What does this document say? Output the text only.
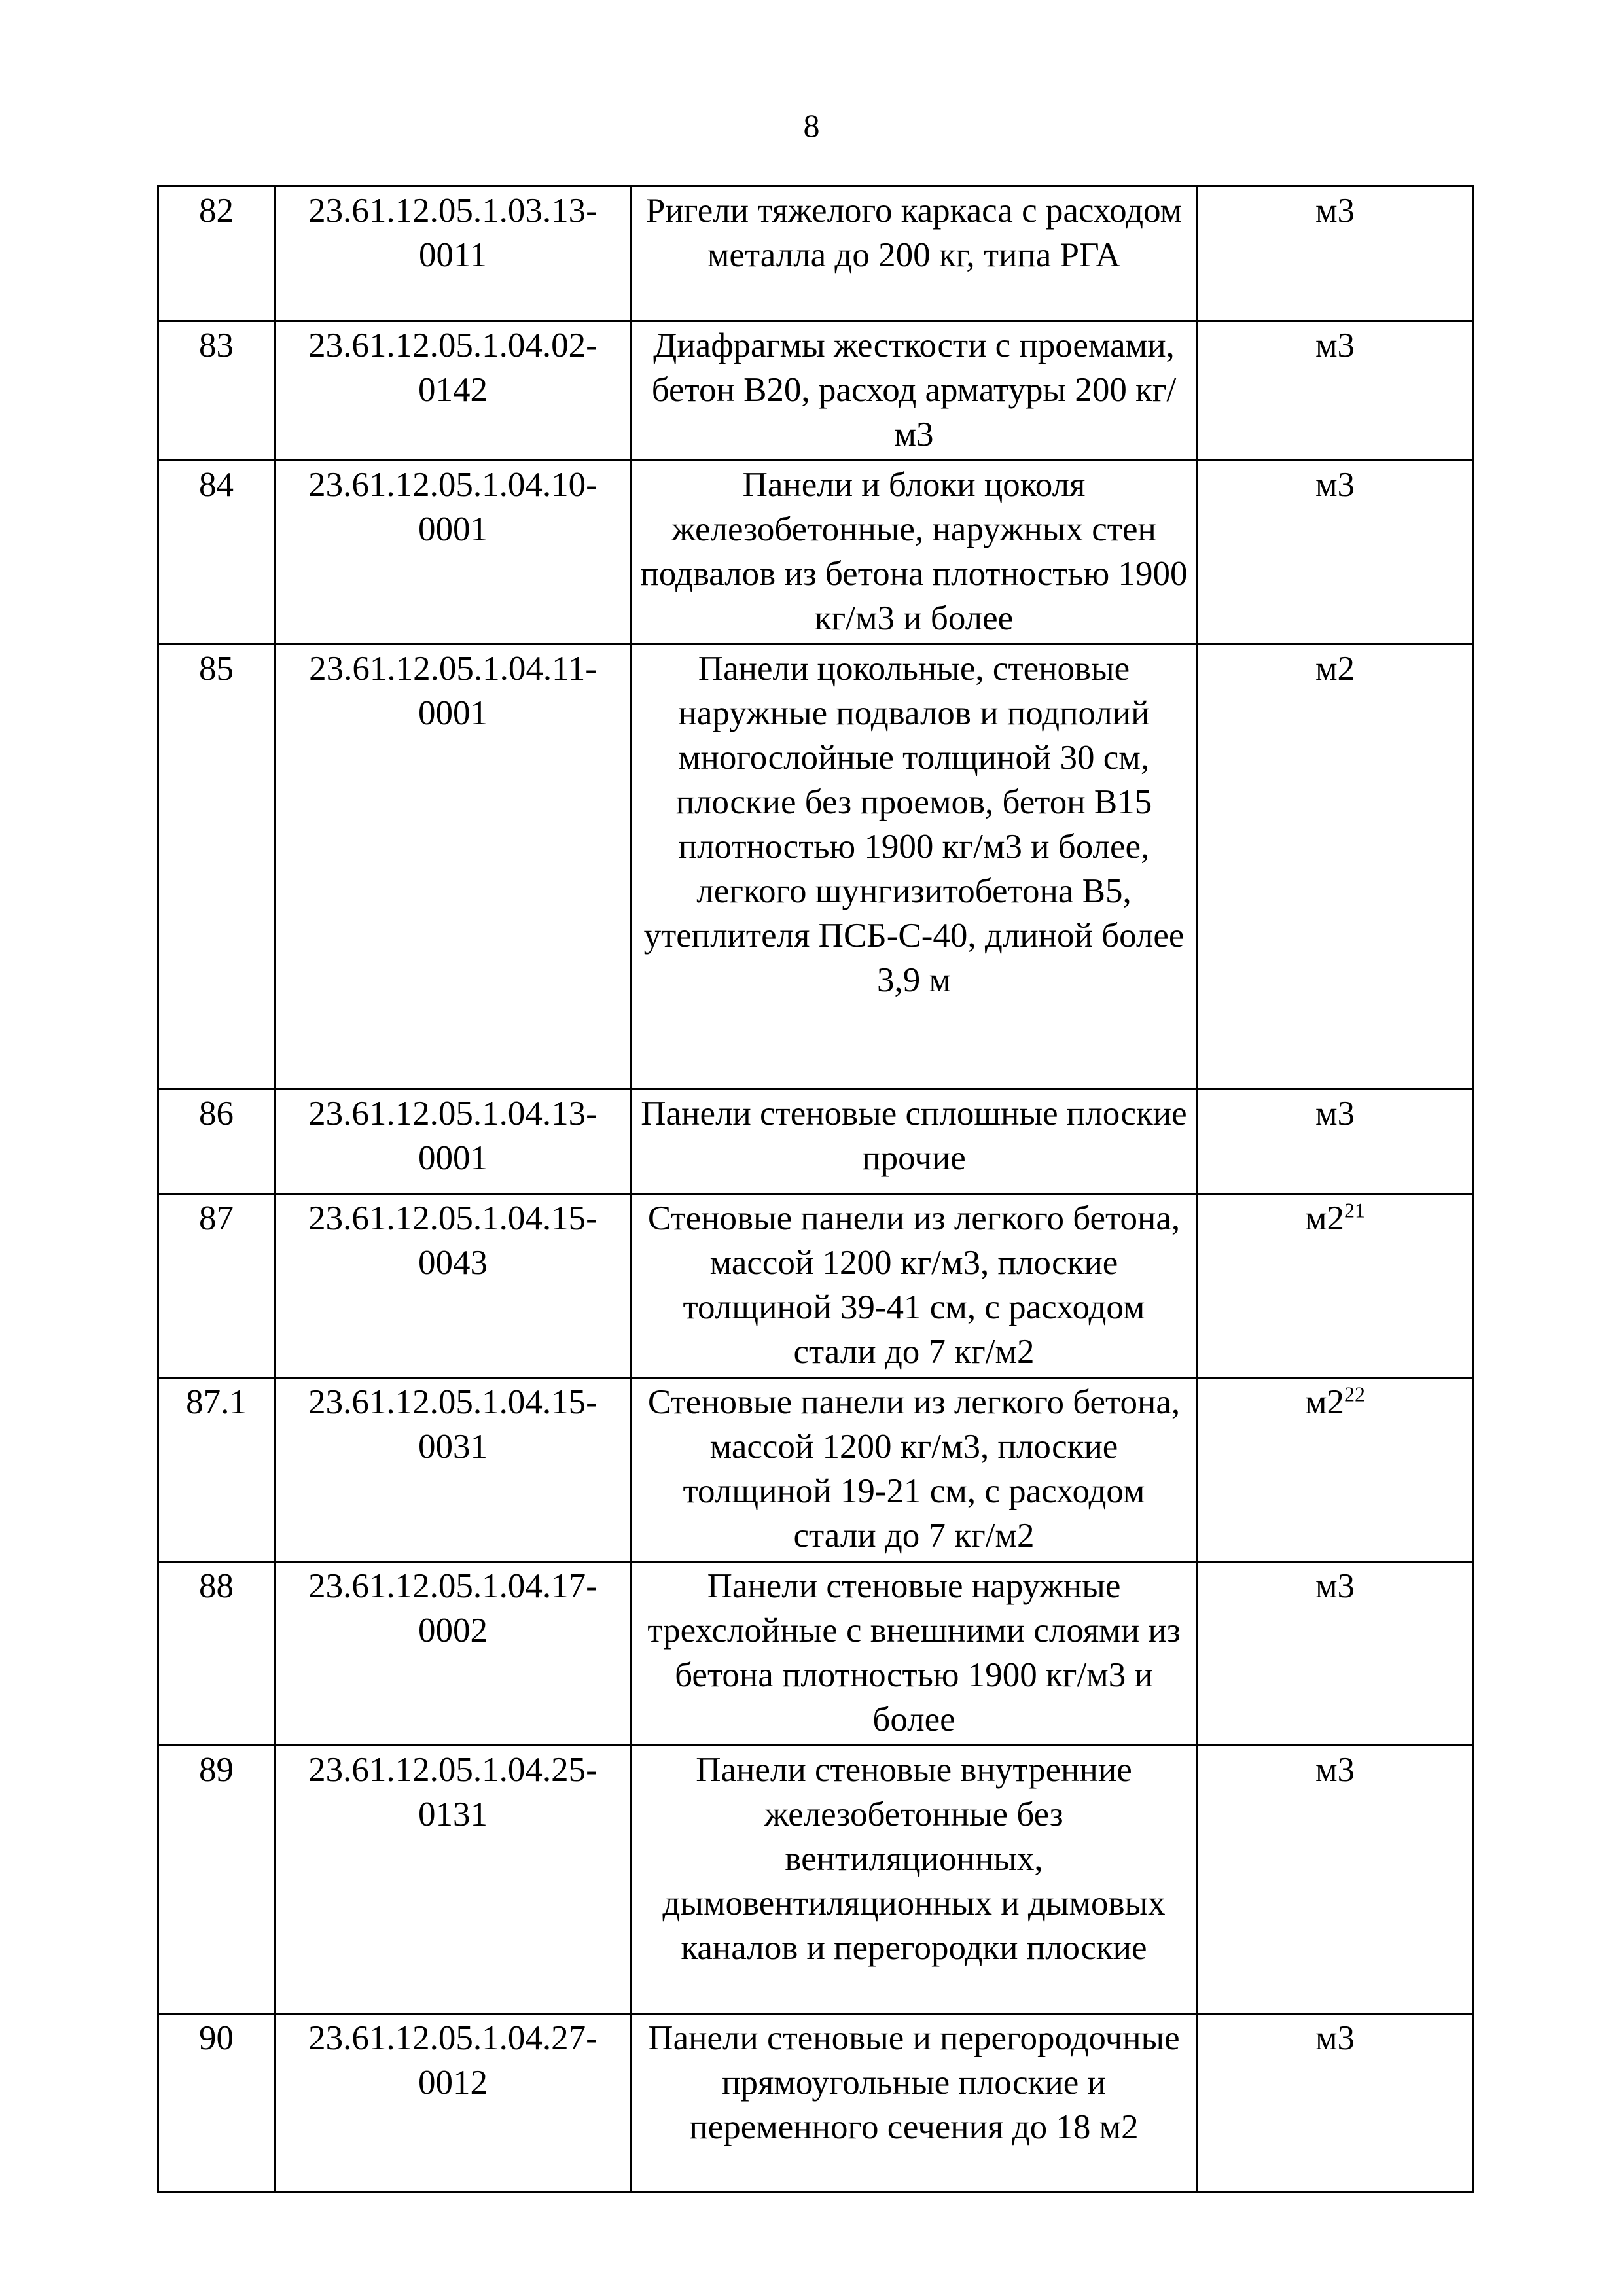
8
82	23.61.12.05.1.03.13-0011	Ригели тяжелого каркаса с расходом металла до 200 кг, типа РГА	м3
83	23.61.12.05.1.04.02-0142	Диафрагмы жесткости с проемами, бетон В20, расход арматуры 200 кг/м3	м3
84	23.61.12.05.1.04.10-0001	Панели и блоки цоколя железобетонные, наружных стен подвалов из бетона плотностью 1900 кг/м3 и более	м3
85	23.61.12.05.1.04.11-0001	Панели цокольные, стеновые наружные подвалов и подполий многослойные толщиной 30 см, плоские без проемов, бетон В15 плотностью 1900 кг/м3 и более, легкого шунгизитобетона В5, утеплителя ПСБ-С-40, длиной более 3,9 м	м2
86	23.61.12.05.1.04.13-0001	Панели стеновые сплошные плоские прочие	м3
87	23.61.12.05.1.04.15-0043	Стеновые панели из легкого бетона, массой 1200 кг/м3, плоские толщиной 39-41 см, с расходом стали до 7 кг/м2	$м2^{21}$
87.1	23.61.12.05.1.04.15-0031	Стеновые панели из легкого бетона, массой 1200 кг/м3, плоские толщиной 19-21 см, с расходом стали до 7 кг/м2	$м2^{22}$
88	23.61.12.05.1.04.17-0002	Панели стеновые наружные трехслойные с внешними слоями из бетона плотностью 1900 кг/м3 и более	м3
89	23.61.12.05.1.04.25-0131	Панели стеновые внутренние железобетонные без вентиляционных, дымовентиляционных и дымовых каналов и перегородки плоские	м3
90	23.61.12.05.1.04.27-0012	Панели стеновые и перегородочные прямоугольные плоские и переменного сечения до 18 м2	м3
